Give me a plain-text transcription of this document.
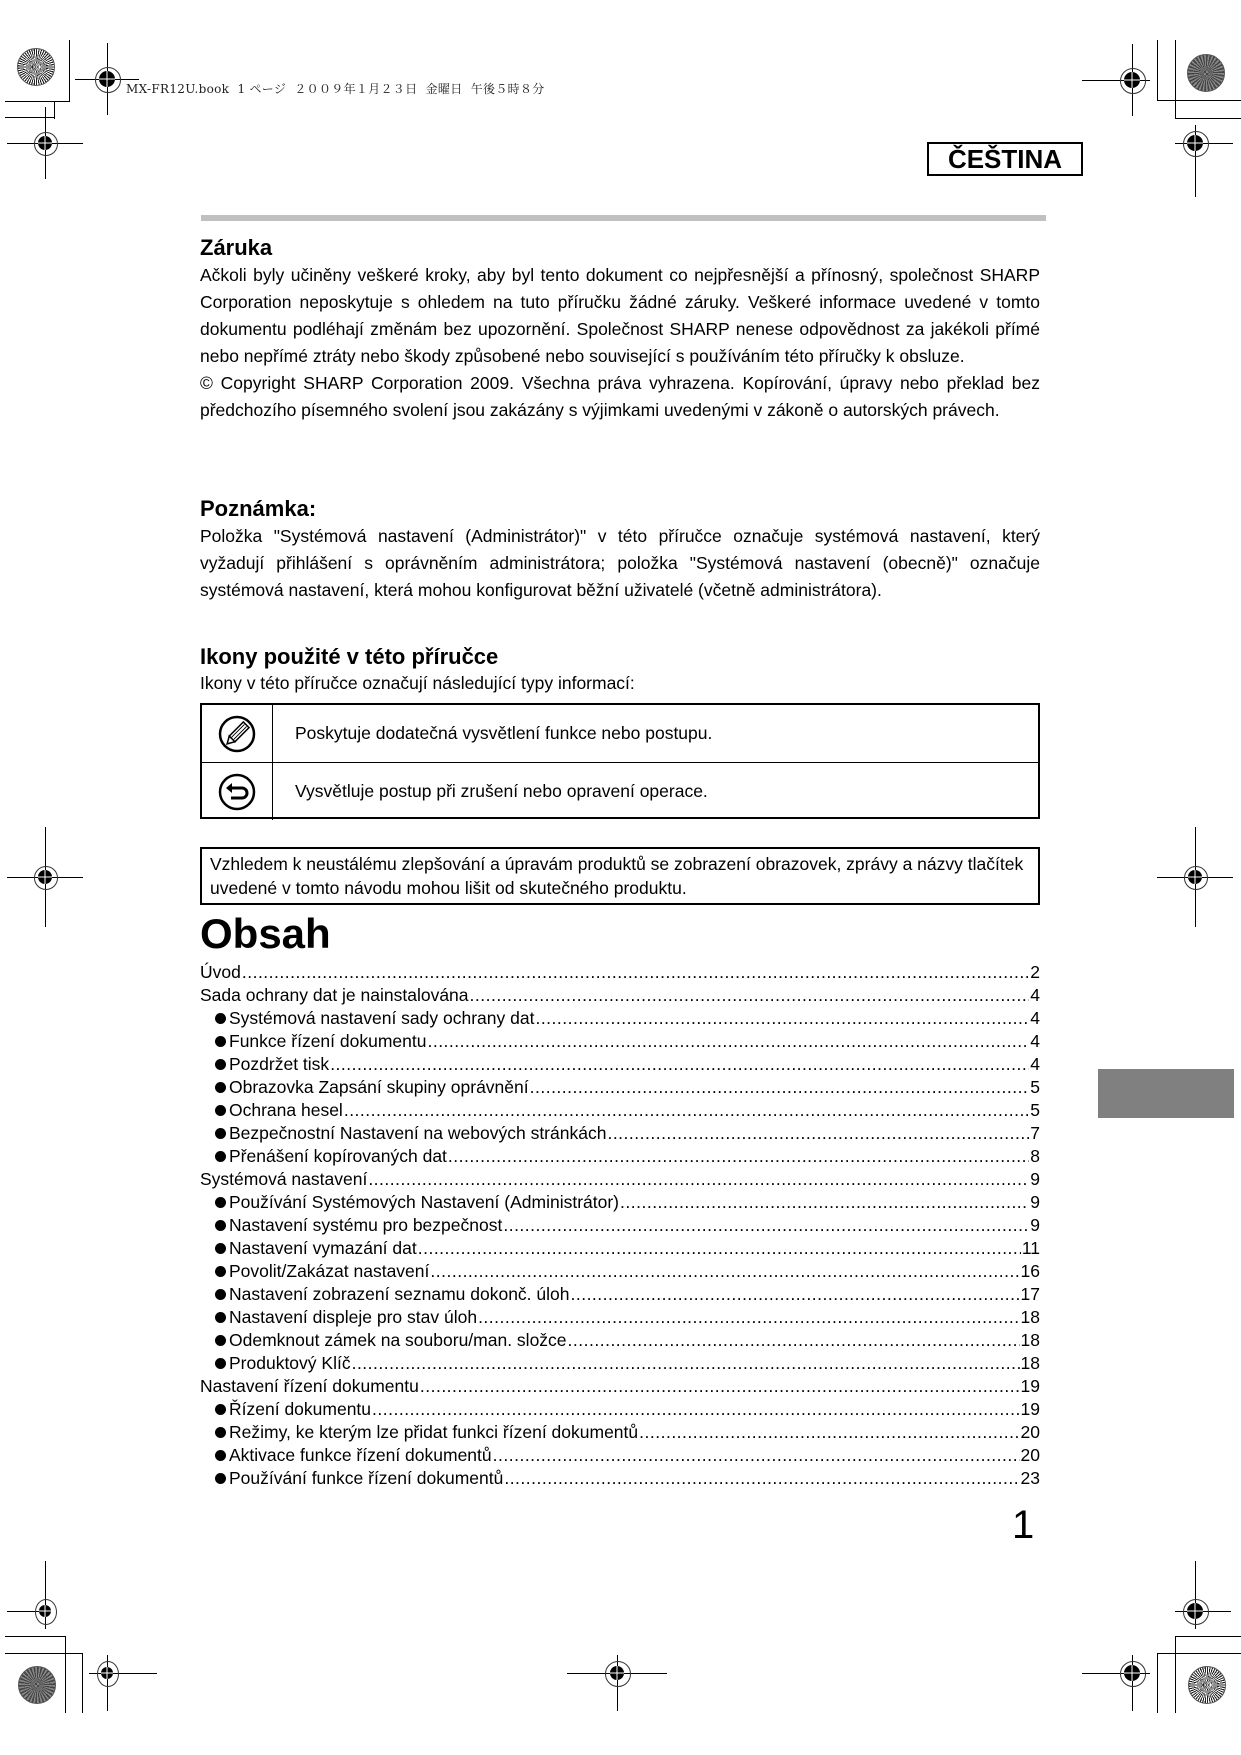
MX-FR12U.book  1 ページ  ２００９年１月２３日  金曜日  午後５時８分
ČEŠTINA
Záruka

Ačkoli byly učiněny veškeré kroky, aby byl tento dokument co nejpřesnější a přínosný, společnost SHARP Corporation neposkytuje s ohledem na tuto příručku žádné záruky. Veškeré informace uvedené v tomto dokumentu podléhají změnám bez upozornění. Společnost SHARP nenese odpovědnost za jakékoli přímé nebo nepřímé ztráty nebo škody způsobené nebo související s používáním této příručky k obsluze.

© Copyright SHARP Corporation 2009. Všechna práva vyhrazena. Kopírování, úpravy nebo překlad bez předchozího písemného svolení jsou zakázány s výjimkami uvedenými v zákoně o autorských právech.

Poznámka:

Položka "Systémová nastavení (Administrátor)" v této příručce označuje systémová nastavení, který vyžadují přihlášení s oprávněním administrátora; položka "Systémová nastavení (obecně)" označuje systémová nastavení, která mohou konfigurovat běžní uživatelé (včetně administrátora).

Ikony použité v této příručce

Ikony v této příručce označují následující typy informací:

Poskytuje dodatečná vysvětlení funkce nebo postupu.
Vysvětluje postup při zrušení nebo opravení operace.
Vzhledem k neustálému zlepšování a úpravám produktů se zobrazení obrazovek, zprávy a názvy tlačítek uvedené v tomto návodu mohou lišit od skutečného produktu.
Obsah
Úvod .....	2
Sada ochrany dat je nainstalována .....	4
Systémová nastavení sady ochrany dat .....	4
Funkce řízení dokumentu .....	4
Pozdržet tisk .....	4
Obrazovka Zapsání skupiny oprávnění .....	5
Ochrana hesel .....	5
Bezpečnostní Nastavení na webových stránkách .....	7
Přenášení kopírovaných dat .....	8
Systémová nastavení .....	9
Používání Systémových Nastavení (Administrátor) .....	9
Nastavení systému pro bezpečnost .....	9
Nastavení vymazání dat .....	11
Povolit/Zakázat nastavení .....	16
Nastavení zobrazení seznamu dokonč. úloh .....	17
Nastavení displeje pro stav úloh .....	18
Odemknout zámek na souboru/man. složce .....	18
Produktový Klíč .....	18
Nastavení řízení dokumentu .....	19
Řízení dokumentu .....	19
Režimy, ke kterým lze přidat funkci řízení dokumentů .....	20
Aktivace funkce řízení dokumentů .....	20
Používání funkce řízení dokumentů .....	23
1
